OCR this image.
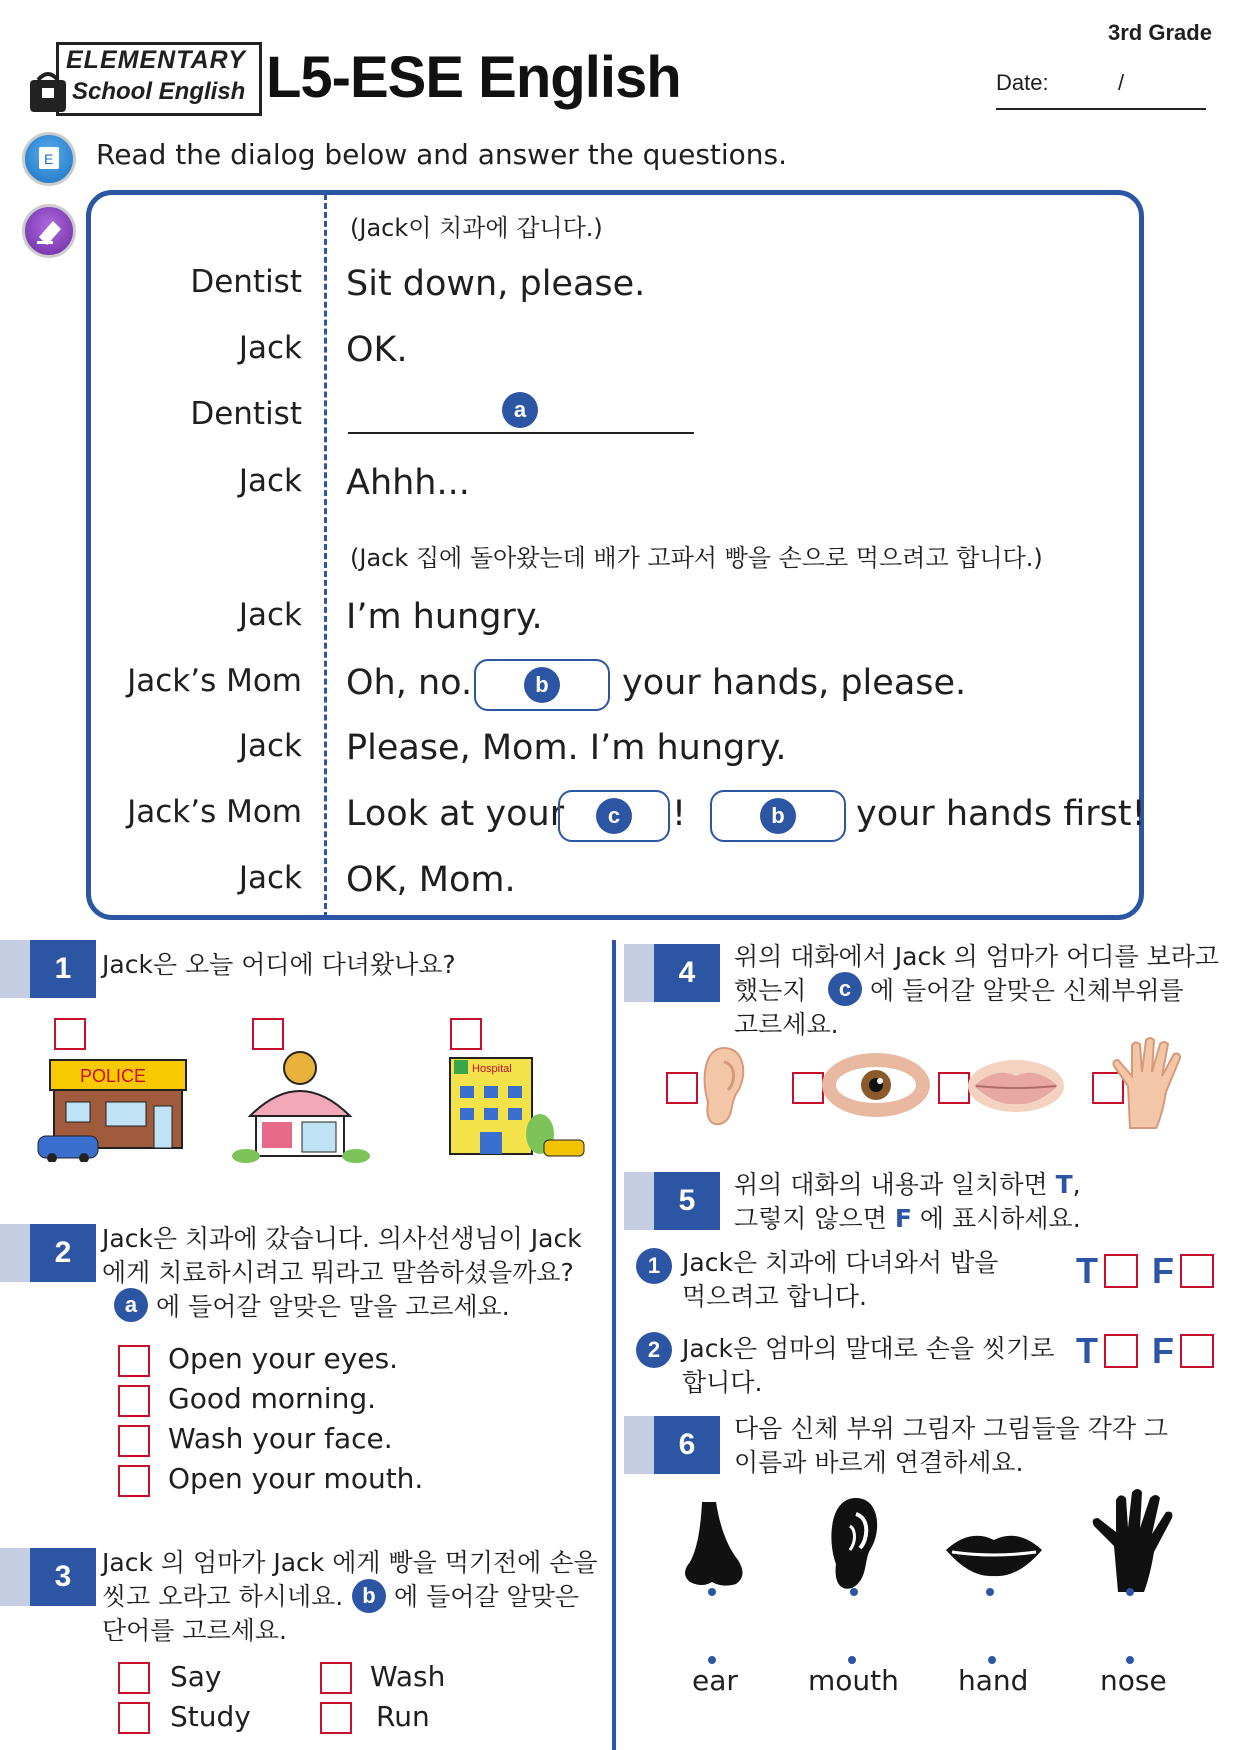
ELEMENTARY
School English L5-ESE English
3rd Grade
Date:	/
E Read the dialog below and answer the questions.
(Jack이 치과에 갑니다.)
Dentist Sit down, please.
Jack OK.
Dentist	a
Jack Ahhh...
(Jack 집에 돌아왔는데 배가 고파서 빵을 손으로 먹으려고 합니다.)
Jack I’m hungry.
Jack’s Mom Oh, no.	b	your hands, please.
Jack Please, Mom. I’m hungry.
Jack’s Mom Look at your	c	!	b	your hands first!
Jack OK, Mom.
1	Jack은 오늘 어디에 다녀왔나요?
POLICE	Hospital
2	Jack은 치과에 갔습니다. 의사선생님이 Jack
에게 치료하시려고 뭐라고 말씀하셨을까요?
a 에 들어갈 알맞은 말을 고르세요.
Open your eyes.
Good morning.
Wash your face.
Open your mouth.
3	Jack 의 엄마가 Jack 에게 빵을 먹기전에 손을
씻고 오라고 하시네요. b 에 들어갈 알맞은
단어를 고르세요.
Say	Wash
Study	Run
4	위의 대화에서 Jack 의 엄마가 어디를 보라고
했는지	c 에 들어갈 알맞은 신체부위를
고르세요.
5	위의 대화의 내용과 일치하면 T,
그렇지 않으면 F 에 표시하세요.
1 Jack은 치과에 다녀와서 밥을
먹으려고 합니다.
T F
2 Jack은 엄마의 말대로 손을 씻기로
합니다.
T F
6	다음 신체 부위 그림자 그림들을 각각 그
이름과 바르게 연결하세요.
ear	mouth hand	nose
